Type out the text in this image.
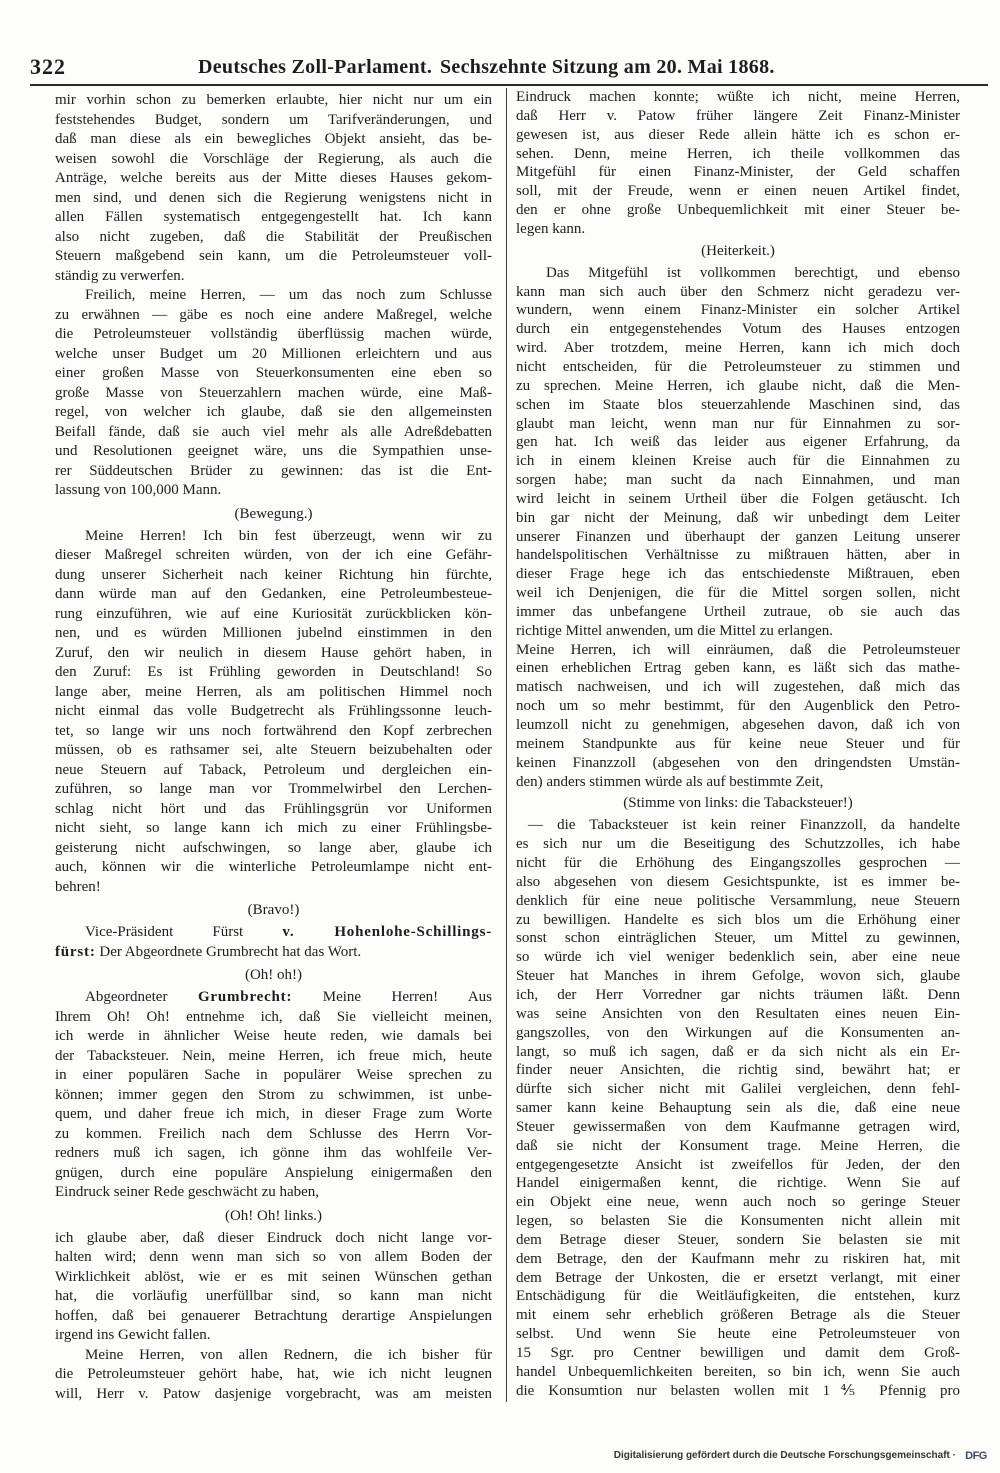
322	Deutsches Zoll-Parlament. Sechszehnte Sitzung am 20. Mai 1868.
mir vorhin schon zu bemerken erlaubte, hier nicht nur um ein
feststehendes Budget, sondern um Tarifveränderungen, und
daß man diese als ein bewegliches Objekt ansieht, das be-
weisen sowohl die Vorschläge der Regierung, als auch die
Anträge, welche bereits aus der Mitte dieses Hauses gekom-
men sind, und denen sich die Regierung wenigstens nicht in
allen Fällen systematisch entgegengestellt hat. Ich kann
also nicht zugeben, daß die Stabilität der Preußischen
Steuern maßgebend sein kann, um die Petroleumsteuer voll-
ständig zu verwerfen.
Freilich, meine Herren, — um das noch zum Schlusse
zu erwähnen — gäbe es noch eine andere Maßregel, welche
die Petroleumsteuer vollständig überflüssig machen würde,
welche unser Budget um 20 Millionen erleichtern und aus
einer großen Masse von Steuerkonsumenten eine eben so
große Masse von Steuerzahlern machen würde, eine Maß-
regel, von welcher ich glaube, daß sie den allgemeinsten
Beifall fände, daß sie auch viel mehr als alle Adreßdebatten
und Resolutionen geeignet wäre, uns die Sympathien unse-
rer Süddeutschen Brüder zu gewinnen: das ist die Ent-
lassung von 100,000 Mann.
(Bewegung.)
Meine Herren! Ich bin fest überzeugt, wenn wir zu
dieser Maßregel schreiten würden, von der ich eine Gefähr-
dung unserer Sicherheit nach keiner Richtung hin fürchte,
dann würde man auf den Gedanken, eine Petroleumbesteue-
rung einzuführen, wie auf eine Kuriosität zurückblicken kön-
nen, und es würden Millionen jubelnd einstimmen in den
Zuruf, den wir neulich in diesem Hause gehört haben, in
den Zuruf: Es ist Frühling geworden in Deutschland! So
lange aber, meine Herren, als am politischen Himmel noch
nicht einmal das volle Budgetrecht als Frühlingssonne leuch-
tet, so lange wir uns noch fortwährend den Kopf zerbrechen
müssen, ob es rathsamer sei, alte Steuern beizubehalten oder
neue Steuern auf Taback, Petroleum und dergleichen ein-
zuführen, so lange man vor Trommelwirbel den Lerchen-
schlag nicht hört und das Frühlingsgrün vor Uniformen
nicht sieht, so lange kann ich mich zu einer Frühlingsbe-
geisterung nicht aufschwingen, so lange aber, glaube ich
auch, können wir die winterliche Petroleumlampe nicht ent-
behren!
(Bravo!)
Vice-Präsident Fürst v. Hohenlohe-Schillings-
fürst: Der Abgeordnete Grumbrecht hat das Wort.
(Oh! oh!)
Abgeordneter Grumbrecht: Meine Herren! Aus
Ihrem Oh! Oh! entnehme ich, daß Sie vielleicht meinen,
ich werde in ähnlicher Weise heute reden, wie damals bei
der Tabacksteuer. Nein, meine Herren, ich freue mich, heute
in einer populären Sache in populärer Weise sprechen zu
können; immer gegen den Strom zu schwimmen, ist unbe-
quem, und daher freue ich mich, in dieser Frage zum Worte
zu kommen. Freilich nach dem Schlusse des Herrn Vor-
redners muß ich sagen, ich gönne ihm das wohlfeile Ver-
gnügen, durch eine populäre Anspielung einigermaßen den
Eindruck seiner Rede geschwächt zu haben,
(Oh! Oh! links.)
ich glaube aber, daß dieser Eindruck doch nicht lange vor-
halten wird; denn wenn man sich so von allem Boden der
Wirklichkeit ablöst, wie er es mit seinen Wünschen gethan
hat, die vorläufig unerfüllbar sind, so kann man nicht
hoffen, daß bei genauerer Betrachtung derartige Anspielungen
irgend ins Gewicht fallen.
Meine Herren, von allen Rednern, die ich bisher für
die Petroleumsteuer gehört habe, hat, wie ich nicht leugnen
will, Herr v. Patow dasjenige vorgebracht, was am meisten
Eindruck machen konnte; wüßte ich nicht, meine Herren,
daß Herr v. Patow früher längere Zeit Finanz-Minister
gewesen ist, aus dieser Rede allein hätte ich es schon er-
sehen. Denn, meine Herren, ich theile vollkommen das
Mitgefühl für einen Finanz-Minister, der Geld schaffen
soll, mit der Freude, wenn er einen neuen Artikel findet,
den er ohne große Unbequemlichkeit mit einer Steuer be-
legen kann.
(Heiterkeit.)
Das Mitgefühl ist vollkommen berechtigt, und ebenso
kann man sich auch über den Schmerz nicht geradezu ver-
wundern, wenn einem Finanz-Minister ein solcher Artikel
durch ein entgegenstehendes Votum des Hauses entzogen
wird. Aber trotzdem, meine Herren, kann ich mich doch
nicht entscheiden, für die Petroleumsteuer zu stimmen und
zu sprechen. Meine Herren, ich glaube nicht, daß die Men-
schen im Staate blos steuerzahlende Maschinen sind, das
glaubt man leicht, wenn man nur für Einnahmen zu sor-
gen hat. Ich weiß das leider aus eigener Erfahrung, da
ich in einem kleinen Kreise auch für die Einnahmen zu
sorgen habe; man sucht da nach Einnahmen, und man
wird leicht in seinem Urtheil über die Folgen getäuscht. Ich
bin gar nicht der Meinung, daß wir unbedingt dem Leiter
unserer Finanzen und überhaupt der ganzen Leitung unserer
handelspolitischen Verhältnisse zu mißtrauen hätten, aber in
dieser Frage hege ich das entschiedenste Mißtrauen, eben
weil ich Denjenigen, die für die Mittel sorgen sollen, nicht
immer das unbefangene Urtheil zutraue, ob sie auch das
richtige Mittel anwenden, um die Mittel zu erlangen.
Meine Herren, ich will einräumen, daß die Petroleumsteuer
einen erheblichen Ertrag geben kann, es läßt sich das mathe-
matisch nachweisen, und ich will zugestehen, daß mich das
noch um so mehr bestimmt, für den Augenblick den Petro-
leumzoll nicht zu genehmigen, abgesehen davon, daß ich von
meinem Standpunkte aus für keine neue Steuer und für
keinen Finanzzoll (abgesehen von den dringendsten Umstän-
den) anders stimmen würde als auf bestimmte Zeit,
(Stimme von links: die Tabacksteuer!)
— die Tabacksteuer ist kein reiner Finanzzoll, da handelte
es sich nur um die Beseitigung des Schutzzolles, ich habe
nicht für die Erhöhung des Eingangszolles gesprochen —
also abgesehen von diesem Gesichtspunkte, ist es immer be-
denklich für eine neue politische Versammlung, neue Steuern
zu bewilligen. Handelte es sich blos um die Erhöhung einer
sonst schon einträglichen Steuer, um Mittel zu gewinnen,
so würde ich viel weniger bedenklich sein, aber eine neue
Steuer hat Manches in ihrem Gefolge, wovon sich, glaube
ich, der Herr Vorredner gar nichts träumen läßt. Denn
was seine Ansichten von den Resultaten eines neuen Ein-
gangszolles, von den Wirkungen auf die Konsumenten an-
langt, so muß ich sagen, daß er da sich nicht als ein Er-
finder neuer Ansichten, die richtig sind, bewährt hat; er
dürfte sich sicher nicht mit Galilei vergleichen, denn fehl-
samer kann keine Behauptung sein als die, daß eine neue
Steuer gewissermaßen von dem Kaufmanne getragen wird,
daß sie nicht der Konsument trage. Meine Herren, die
entgegengesetzte Ansicht ist zweifellos für Jeden, der den
Handel einigermaßen kennt, die richtige. Wenn Sie auf
ein Objekt eine neue, wenn auch noch so geringe Steuer
legen, so belasten Sie die Konsumenten nicht allein mit
dem Betrage dieser Steuer, sondern Sie belasten sie mit
dem Betrage, den der Kaufmann mehr zu riskiren hat, mit
dem Betrage der Unkosten, die er ersetzt verlangt, mit einer
Entschädigung für die Weitläufigkeiten, die entstehen, kurz
mit einem sehr erheblich größeren Betrage als die Steuer
selbst. Und wenn Sie heute eine Petroleumsteuer von
15 Sgr. pro Centner bewilligen und damit dem Groß-
handel Unbequemlichkeiten bereiten, so bin ich, wenn Sie auch
die Konsumtion nur belasten wollen mit 1⅘ Pfennig pro
Digitalisierung gefördert durch die Deutsche Forschungsgemeinschaft · DFG
